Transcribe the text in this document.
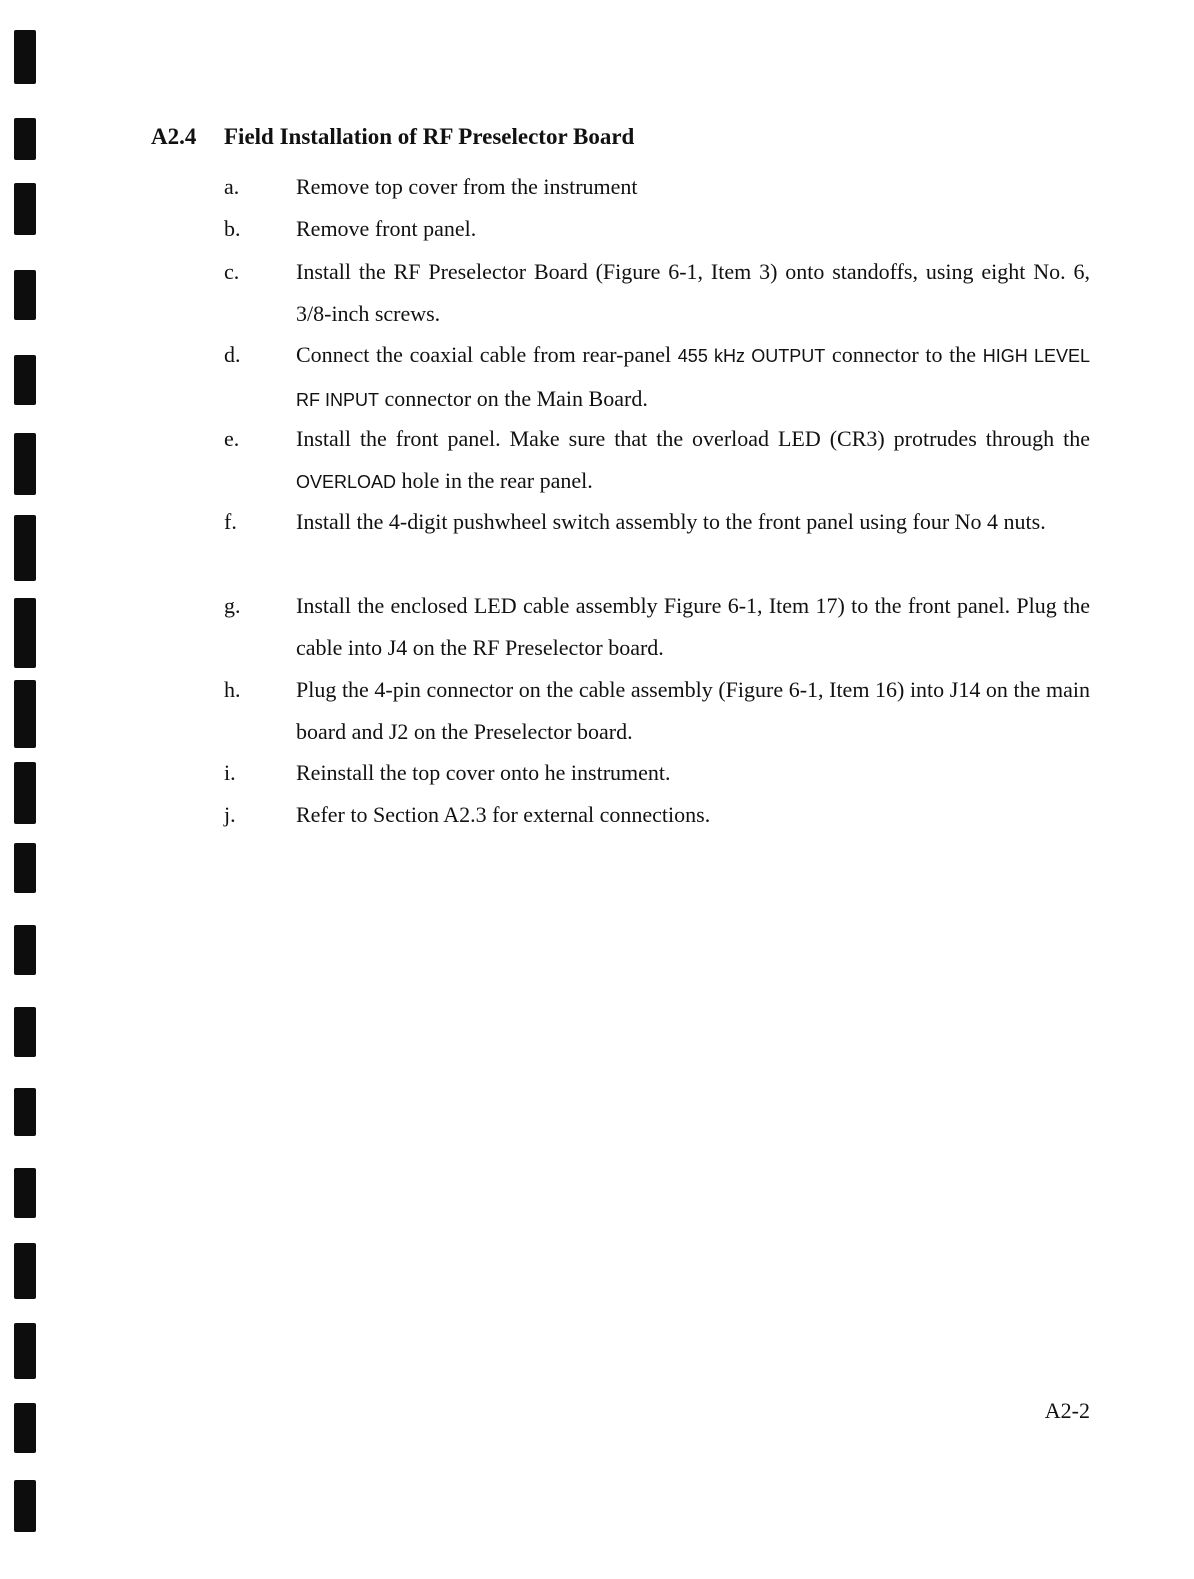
A2.4 Field Installation of RF Preselector Board
a.	Remove top cover from the instrument
b.	Remove front panel.
c.	Install the RF Preselector Board (Figure 6-1, Item 3) onto standoffs, using eight No. 6, 3/8-inch screws.
d.	Connect the coaxial cable from rear-panel 455 kHz OUTPUT connector to the HIGH LEVEL RF INPUT connector on the Main Board.
e.	Install the front panel. Make sure that the overload LED (CR3) protrudes through the OVERLOAD hole in the rear panel.
f.	Install the 4-digit pushwheel switch assembly to the front panel using four No 4 nuts.
g.	Install the enclosed LED cable assembly Figure 6-1, Item 17) to the front panel. Plug the cable into J4 on the RF Preselector board.
h.	Plug the 4-pin connector on the cable assembly (Figure 6-1, Item 16) into J14 on the main board and J2 on the Preselector board.
i.	Reinstall the top cover onto he instrument.
j.	Refer to Section A2.3 for external connections.
A2-2
